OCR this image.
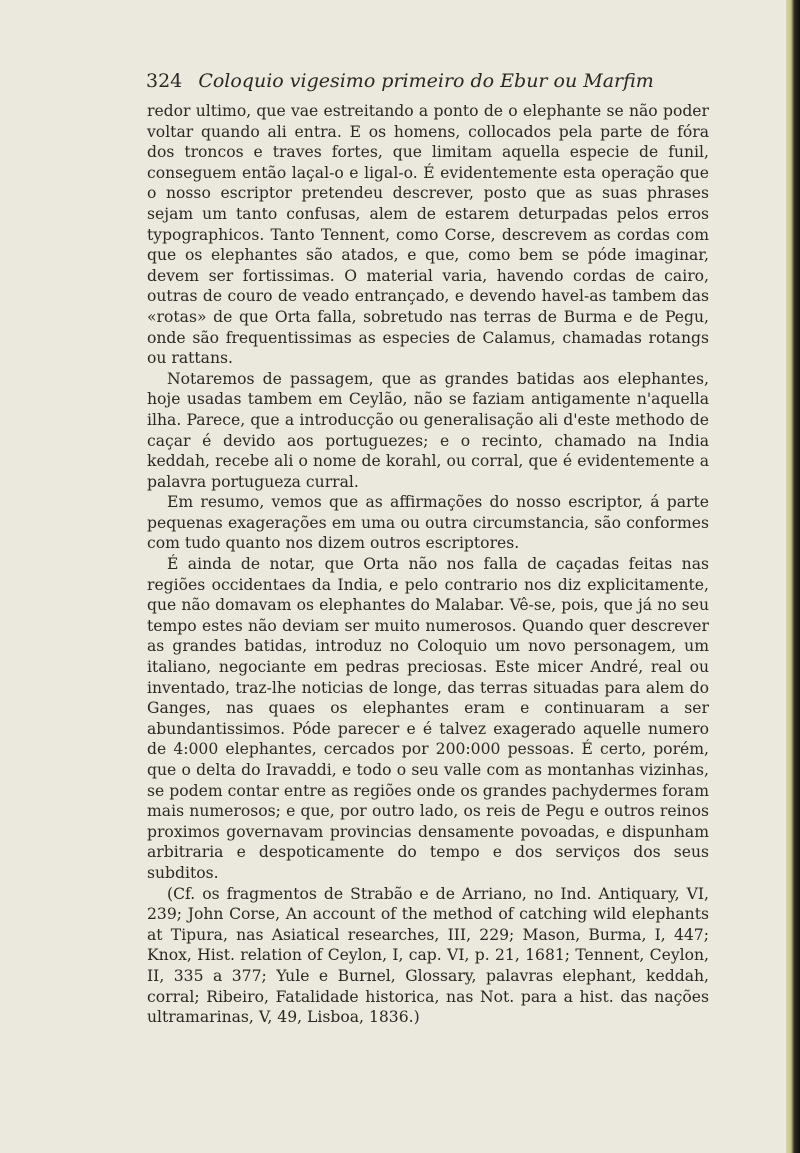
324 Coloquio vigesimo primeiro do Ebur ou Marfim

redor ultimo, que vae estreitando a ponto de o elephante se não poder voltar quando ali entra. E os homens, collocados pela parte de fóra dos troncos e traves fortes, que limitam aquella especie de funil, conseguem então laçal-o e ligal-o. É evidentemente esta operação que o nosso escriptor pretendeu descrever, posto que as suas phrases sejam um tanto confusas, alem de estarem deturpadas pelos erros typographicos. Tanto Tennent, como Corse, descrevem as cordas com que os elephantes são atados, e que, como bem se póde imaginar, devem ser fortissimas. O material varia, havendo cordas de cairo, outras de couro de veado entrançado, e devendo havel-as tambem das «rotas» de que Orta falla, sobretudo nas terras de Burma e de Pegu, onde são frequentissimas as especies de Calamus, chamadas rotangs ou rattans.

Notaremos de passagem, que as grandes batidas aos elephantes, hoje usadas tambem em Ceylão, não se faziam antigamente n'aquella ilha. Parece, que a introducção ou generalisação ali d'este methodo de caçar é devido aos portuguezes; e o recinto, chamado na India keddah, recebe ali o nome de korahl, ou corral, que é evidentemente a palavra portugueza curral.

Em resumo, vemos que as affirmações do nosso escriptor, á parte pequenas exagerações em uma ou outra circumstancia, são conformes com tudo quanto nos dizem outros escriptores.

É ainda de notar, que Orta não nos falla de caçadas feitas nas regiões occidentaes da India, e pelo contrario nos diz explicitamente, que não domavam os elephantes do Malabar. Vê-se, pois, que já no seu tempo estes não deviam ser muito numerosos. Quando quer descrever as grandes batidas, introduz no Coloquio um novo personagem, um italiano, negociante em pedras preciosas. Este micer André, real ou inventado, traz-lhe noticias de longe, das terras situadas para alem do Ganges, nas quaes os elephantes eram e continuaram a ser abundantissimos. Póde parecer e é talvez exagerado aquelle numero de 4:000 elephantes, cercados por 200:000 pessoas. É certo, porém, que o delta do Iravaddi, e todo o seu valle com as montanhas vizinhas, se podem contar entre as regiões onde os grandes pachydermes foram mais numerosos; e que, por outro lado, os reis de Pegu e outros reinos proximos governavam provincias densamente povoadas, e dispunham arbitraria e despoticamente do tempo e dos serviços dos seus subditos.

(Cf. os fragmentos de Strabão e de Arriano, no Ind. Antiquary, VI, 239; John Corse, An account of the method of catching wild elephants at Tipura, nas Asiatical researches, III, 229; Mason, Burma, I, 447; Knox, Hist. relation of Ceylon, I, cap. VI, p. 21, 1681; Tennent, Ceylon, II, 335 a 377; Yule e Burnel, Glossary, palavras elephant, keddah, corral; Ribeiro, Fatalidade historica, nas Not. para a hist. das nações ultramarinas, V, 49, Lisboa, 1836.)
